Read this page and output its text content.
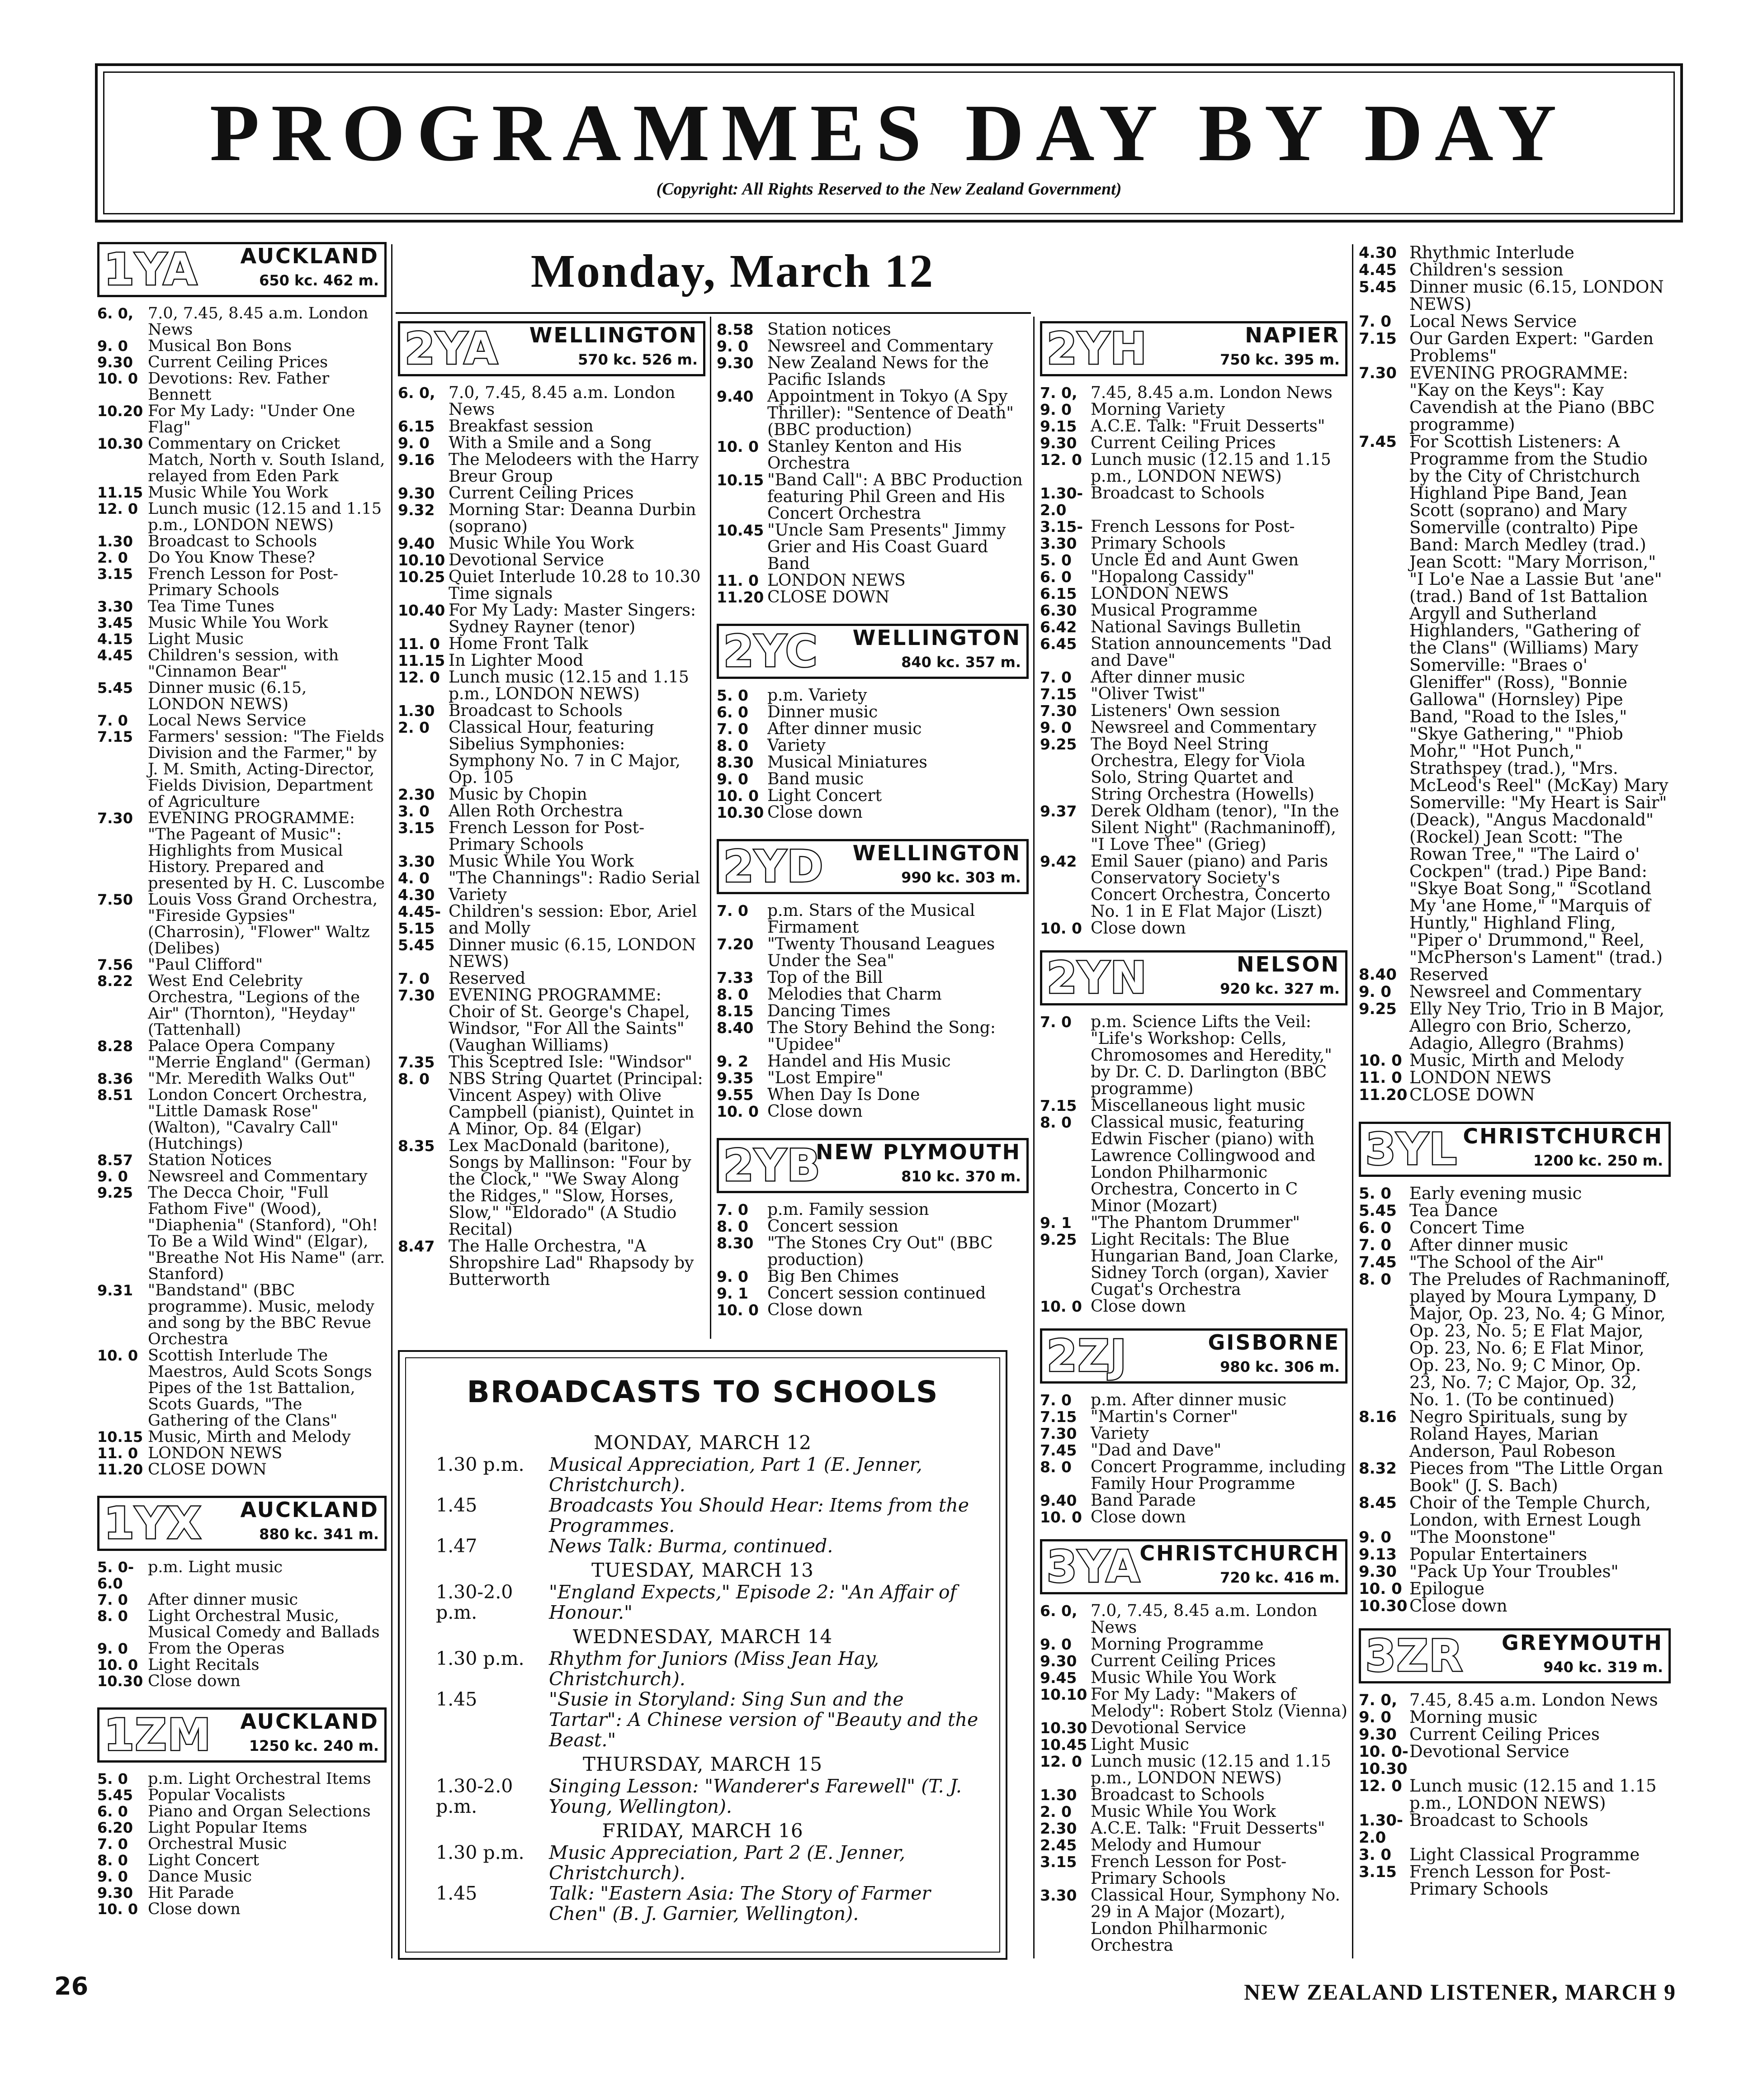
PROGRAMMES DAY BY DAY
(Copyright: All Rights Reserved to the New Zealand Government)
Monday, March 12
1YA AUCKLAND
650 kc. 462 m.
6. 0, 7.0, 7.45, 8.45 a.m. London News
9. 0	Musical Bon Bons
9.30 Current Ceiling Prices
10. 0 Devotions: Rev. Father Bennett
10.20 For My Lady: "Under One Flag"
10.30 Commentary on Cricket Match, North v. South Island, relayed from Eden Park
11.15 Music While You Work
12. 0 Lunch music (12.15 and 1.15 p.m., LONDON NEWS)
1.30 Broadcast to Schools
2. 0	Do You Know These?
3.15 French Lesson for Post-Primary Schools
3.30 Tea Time Tunes
3.45 Music While You Work
4.15 Light Music
4.45 Children's session, with "Cinnamon Bear"
5.45 Dinner music (6.15, LONDON NEWS)
7. 0	Local News Service
7.15 Farmers' session: "The Fields Division and the Farmer," by J. M. Smith, Acting-Director, Fields Division, Department of Agriculture
7.30 EVENING PROGRAMME: "The Pageant of Music": Highlights from Musical History. Prepared and presented by H. C. Luscombe
7.50 Louis Voss Grand Orchestra, "Fireside Gypsies" (Charrosin), "Flower" Waltz (Delibes)
7.56 "Paul Clifford"
8.22 West End Celebrity Orchestra, "Legions of the Air" (Thornton), "Heyday" (Tattenhall)
8.28 Palace Opera Company "Merrie England" (German)
8.36 "Mr. Meredith Walks Out"
8.51 London Concert Orchestra, "Little Damask Rose" (Walton), "Cavalry Call" (Hutchings)
8.57 Station Notices
9. 0	Newsreel and Commentary
9.25 The Decca Choir, "Full Fathom Five" (Wood), "Diaphenia" (Stanford), "Oh! To Be a Wild Wind" (Elgar), "Breathe Not His Name" (arr. Stanford)
9.31 "Bandstand" (BBC programme). Music, melody and song by the BBC Revue Orchestra
10. 0 Scottish Interlude The Maestros, Auld Scots Songs Pipes of the 1st Battalion, Scots Guards, "The Gathering of the Clans"
10.15 Music, Mirth and Melody
11. 0 LONDON NEWS
11.20 CLOSE DOWN
1YX AUCKLAND
880 kc. 341 m.
5. 0-6.0
p.m. Light music
7. 0	After dinner music
8. 0	Light Orchestral Music, Musical Comedy and Ballads
9. 0	From the Operas
10. 0 Light Recitals
10.30 Close down
1ZM AUCKLAND
1250 kc. 240 m.
5. 0	p.m. Light Orchestral Items
5.45 Popular Vocalists
6. 0	Piano and Organ Selections
6.20 Light Popular Items
7. 0	Orchestral Music
8. 0	Light Concert
9. 0	Dance Music
9.30 Hit Parade
10. 0 Close down
2YA WELLINGTON
570 kc. 526 m.
6. 0, 7.0, 7.45, 8.45 a.m. London News
6.15 Breakfast session
9. 0	With a Smile and a Song
9.16 The Melodeers with the Harry Breur Group
9.30 Current Ceiling Prices
9.32 Morning Star: Deanna Durbin (soprano)
9.40 Music While You Work
10.10 Devotional Service
10.25 Quiet Interlude 10.28 to 10.30 Time signals
10.40 For My Lady: Master Singers: Sydney Rayner (tenor)
11. 0 Home Front Talk
11.15 In Lighter Mood
12. 0 Lunch music (12.15 and 1.15 p.m., LONDON NEWS)
1.30 Broadcast to Schools
2. 0	Classical Hour, featuring Sibelius Symphonies: Symphony No. 7 in C Major, Op. 105
2.30 Music by Chopin
3. 0	Allen Roth Orchestra
3.15 French Lesson for Post-Primary Schools
3.30 Music While You Work
4. 0	"The Channings": Radio Serial
4.30 Variety
4.45-5.15
Children's session: Ebor, Ariel and Molly
5.45 Dinner music (6.15, LONDON NEWS)
7. 0	Reserved
7.30 EVENING PROGRAMME: Choir of St. George's Chapel, Windsor, "For All the Saints" (Vaughan Williams)
7.35 This Sceptred Isle: "Windsor"
8. 0	NBS String Quartet (Principal: Vincent Aspey) with Olive Campbell (pianist), Quintet in A Minor, Op. 84 (Elgar)
8.35 Lex MacDonald (baritone), Songs by Mallinson: "Four by the Clock," "We Sway Along the Ridges," "Slow, Horses, Slow," "Eldorado" (A Studio Recital)
8.47 The Halle Orchestra, "A Shropshire Lad" Rhapsody by Butterworth
8.58 Station notices
9. 0	Newsreel and Commentary
9.30 New Zealand News for the Pacific Islands
9.40 Appointment in Tokyo (A Spy Thriller): "Sentence of Death" (BBC production)
10. 0 Stanley Kenton and His Orchestra
10.15 "Band Call": A BBC Production featuring Phil Green and His Concert Orchestra
10.45 "Uncle Sam Presents" Jimmy Grier and His Coast Guard Band
11. 0 LONDON NEWS
11.20 CLOSE DOWN
2YC WELLINGTON
840 kc. 357 m.
5. 0	p.m. Variety
6. 0	Dinner music
7. 0	After dinner music
8. 0	Variety
8.30 Musical Miniatures
9. 0	Band music
10. 0 Light Concert
10.30 Close down
2YD WELLINGTON
990 kc. 303 m.
7. 0	p.m. Stars of the Musical Firmament
7.20 "Twenty Thousand Leagues Under the Sea"
7.33 Top of the Bill
8. 0	Melodies that Charm
8.15 Dancing Times
8.40 The Story Behind the Song: "Upidee"
9. 2	Handel and His Music
9.35 "Lost Empire"
9.55 When Day Is Done
10. 0 Close down
2YB
NEW PLYMOUTH
810 kc. 370 m.
7. 0	p.m. Family session
8. 0	Concert session
8.30 "The Stones Cry Out" (BBC production)
9. 0	Big Ben Chimes
9. 1	Concert session continued
10. 0 Close down
2YH	NAPIER
750 kc. 395 m.
7. 0, 7.45, 8.45 a.m. London News
9. 0	Morning Variety
9.15 A.C.E. Talk: "Fruit Desserts"
9.30 Current Ceiling Prices
12. 0 Lunch music (12.15 and 1.15 p.m., LONDON NEWS)
1.30-2.0
Broadcast to Schools
3.15-3.30
French Lessons for Post-Primary Schools
5. 0	Uncle Ed and Aunt Gwen
6. 0	"Hopalong Cassidy"
6.15 LONDON NEWS
6.30 Musical Programme
6.42 National Savings Bulletin
6.45 Station announcements "Dad and Dave"
7. 0	After dinner music
7.15 "Oliver Twist"
7.30 Listeners' Own session
9. 0	Newsreel and Commentary
9.25 The Boyd Neel String Orchestra, Elegy for Viola Solo, String Quartet and String Orchestra (Howells)
9.37 Derek Oldham (tenor), "In the Silent Night" (Rachmaninoff), "I Love Thee" (Grieg)
9.42 Emil Sauer (piano) and Paris Conservatory Society's Concert Orchestra, Concerto No. 1 in E Flat Major (Liszt)
10. 0 Close down
2YN	NELSON
920 kc. 327 m.
7. 0	p.m. Science Lifts the Veil: "Life's Workshop: Cells, Chromosomes and Heredity," by Dr. C. D. Darlington (BBC programme)
7.15 Miscellaneous light music
8. 0	Classical music, featuring Edwin Fischer (piano) with Lawrence Collingwood and London Philharmonic Orchestra, Concerto in C Minor (Mozart)
9. 1	"The Phantom Drummer"
9.25 Light Recitals: The Blue Hungarian Band, Joan Clarke, Sidney Torch (organ), Xavier Cugat's Orchestra
10. 0 Close down
2ZJ	GISBORNE
980 kc. 306 m.
7. 0	p.m. After dinner music
7.15 "Martin's Corner"
7.30 Variety
7.45 "Dad and Dave"
8. 0	Concert Programme, including Family Hour Programme
9.40 Band Parade
10. 0 Close down
3YA
CHRISTCHURCH
720 kc. 416 m.
6. 0, 7.0, 7.45, 8.45 a.m. London News
9. 0	Morning Programme
9.30 Current Ceiling Prices
9.45 Music While You Work
10.10 For My Lady: "Makers of Melody": Robert Stolz (Vienna)
10.30 Devotional Service
10.45 Light Music
12. 0 Lunch music (12.15 and 1.15 p.m., LONDON NEWS)
1.30 Broadcast to Schools
2. 0	Music While You Work
2.30 A.C.E. Talk: "Fruit Desserts"
2.45 Melody and Humour
3.15 French Lesson for Post-Primary Schools
3.30 Classical Hour, Symphony No. 29 in A Major (Mozart), London Philharmonic Orchestra
4.30 Rhythmic Interlude
4.45 Children's session
5.45 Dinner music (6.15, LONDON NEWS)
7. 0	Local News Service
7.15 Our Garden Expert: "Garden Problems"
7.30 EVENING PROGRAMME: "Kay on the Keys": Kay Cavendish at the Piano (BBC programme)
7.45 For Scottish Listeners: A Programme from the Studio by the City of Christchurch Highland Pipe Band, Jean Scott (soprano) and Mary Somerville (contralto) Pipe Band: March Medley (trad.) Jean Scott: "Mary Morrison," "I Lo'e Nae a Lassie But 'ane" (trad.) Band of 1st Battalion Argyll and Sutherland Highlanders, "Gathering of the Clans" (Williams) Mary Somerville: "Braes o' Gleniffer" (Ross), "Bonnie Gallowa" (Hornsley) Pipe Band, "Road to the Isles," "Skye Gathering," "Phiob Mohr," "Hot Punch," Strathspey (trad.), "Mrs. McLeod's Reel" (McKay) Mary Somerville: "My Heart is Sair" (Deack), "Angus Macdonald" (Rockel) Jean Scott: "The Rowan Tree," "The Laird o' Cockpen" (trad.) Pipe Band: "Skye Boat Song," "Scotland My 'ane Home," "Marquis of Huntly," Highland Fling, "Piper o' Drummond," Reel, "McPherson's Lament" (trad.)
8.40 Reserved
9. 0	Newsreel and Commentary
9.25 Elly Ney Trio, Trio in B Major, Allegro con Brio, Scherzo, Adagio, Allegro (Brahms)
10. 0 Music, Mirth and Melody
11. 0 LONDON NEWS
11.20 CLOSE DOWN
3YL CHRISTCHURCH
1200 kc. 250 m.
5. 0	Early evening music
5.45 Tea Dance
6. 0	Concert Time
7. 0	After dinner music
7.45 "The School of the Air"
8. 0	The Preludes of Rachmaninoff, played by Moura Lympany, D Major, Op. 23, No. 4; G Minor, Op. 23, No. 5; E Flat Major, Op. 23, No. 6; E Flat Minor, Op. 23, No. 9; C Minor, Op. 23, No. 7; C Major, Op. 32, No. 1. (To be continued)
8.16 Negro Spirituals, sung by Roland Hayes, Marian Anderson, Paul Robeson
8.32 Pieces from "The Little Organ Book" (J. S. Bach)
8.45 Choir of the Temple Church, London, with Ernest Lough
9. 0	"The Moonstone"
9.13 Popular Entertainers
9.30 "Pack Up Your Troubles"
10. 0 Epilogue
10.30 Close down
3ZR GREYMOUTH
940 kc. 319 m.
7. 0, 7.45, 8.45 a.m. London News
9. 0	Morning music
9.30 Current Ceiling Prices
10. 0-10.30
Devotional Service
12. 0 Lunch music (12.15 and 1.15 p.m., LONDON NEWS)
1.30-2.0
Broadcast to Schools
3. 0	Light Classical Programme
3.15 French Lesson for Post-Primary Schools
BROADCASTS TO SCHOOLS
MONDAY, MARCH 12
1.30 p.m.	Musical Appreciation, Part 1 (E. Jenner, Christchurch).
1.45	Broadcasts You Should Hear: Items from the Programmes.
1.47	News Talk: Burma, continued.
TUESDAY, MARCH 13
1.30-2.0 p.m.
"England Expects," Episode 2: "An Affair of Honour."
WEDNESDAY, MARCH 14
1.30 p.m.	Rhythm for Juniors (Miss Jean Hay, Christchurch).
1.45	"Susie in Storyland: Sing Sun and the Tartar": A Chinese version of "Beauty and the Beast."
THURSDAY, MARCH 15
1.30-2.0 p.m.
Singing Lesson: "Wanderer's Farewell" (T. J. Young, Wellington).
FRIDAY, MARCH 16
1.30 p.m.	Music Appreciation, Part 2 (E. Jenner, Christchurch).
1.45	Talk: "Eastern Asia: The Story of Farmer Chen" (B. J. Garnier, Wellington).
26	NEW ZEALAND LISTENER, MARCH 9
